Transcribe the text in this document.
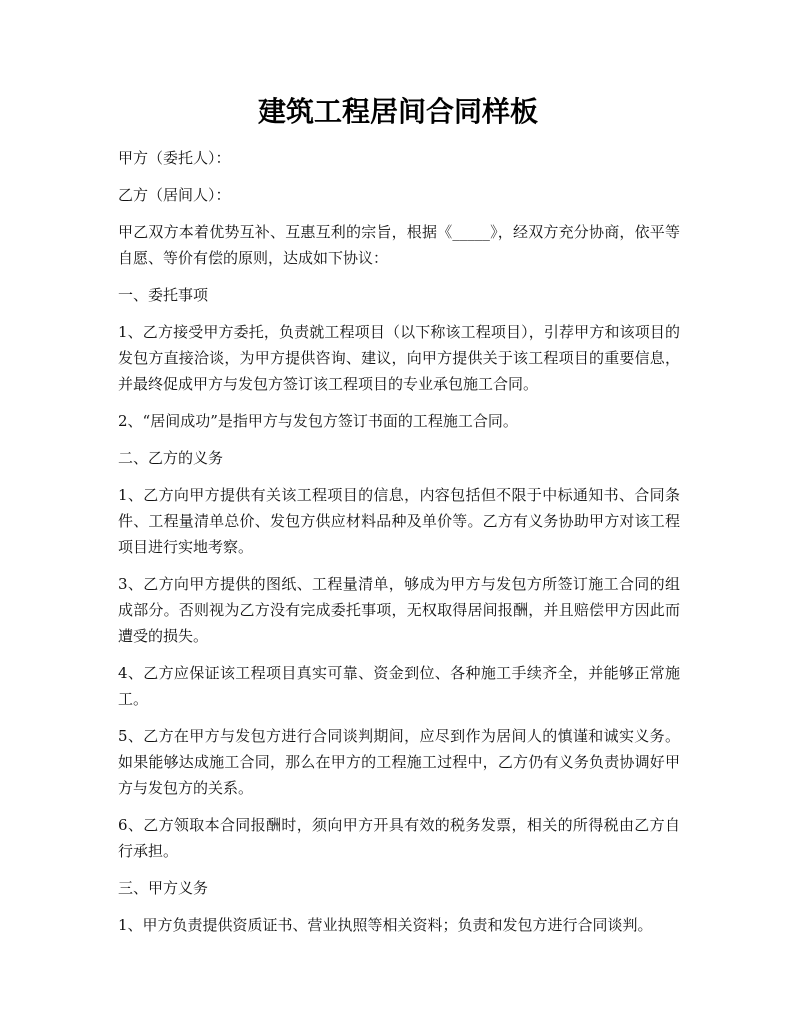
建筑工程居间合同样板

甲方（委托人）：

乙方（居间人）：

甲乙双方本着优势互补、互惠互利的宗旨，根据《_____》，经双方充分协商，依平等自愿、等价有偿的原则，达成如下协议：

一、委托事项

1、乙方接受甲方委托，负责就工程项目（以下称该工程项目），引荐甲方和该项目的发包方直接洽谈，为甲方提供咨询、建议，向甲方提供关于该工程项目的重要信息，并最终促成甲方与发包方签订该工程项目的专业承包施工合同。

2、“居间成功”是指甲方与发包方签订书面的工程施工合同。

二、乙方的义务

1、乙方向甲方提供有关该工程项目的信息，内容包括但不限于中标通知书、合同条件、工程量清单总价、发包方供应材料品种及单价等。乙方有义务协助甲方对该工程项目进行实地考察。

3、乙方向甲方提供的图纸、工程量清单，够成为甲方与发包方所签订施工合同的组成部分。否则视为乙方没有完成委托事项，无权取得居间报酬，并且赔偿甲方因此而遭受的损失。

4、乙方应保证该工程项目真实可靠、资金到位、各种施工手续齐全，并能够正常施工。

5、乙方在甲方与发包方进行合同谈判期间，应尽到作为居间人的慎谨和诚实义务。如果能够达成施工合同，那么在甲方的工程施工过程中，乙方仍有义务负责协调好甲方与发包方的关系。

6、乙方领取本合同报酬时，须向甲方开具有效的税务发票，相关的所得税由乙方自行承担。

三、甲方义务

1、甲方负责提供资质证书、营业执照等相关资料；负责和发包方进行合同谈判。
